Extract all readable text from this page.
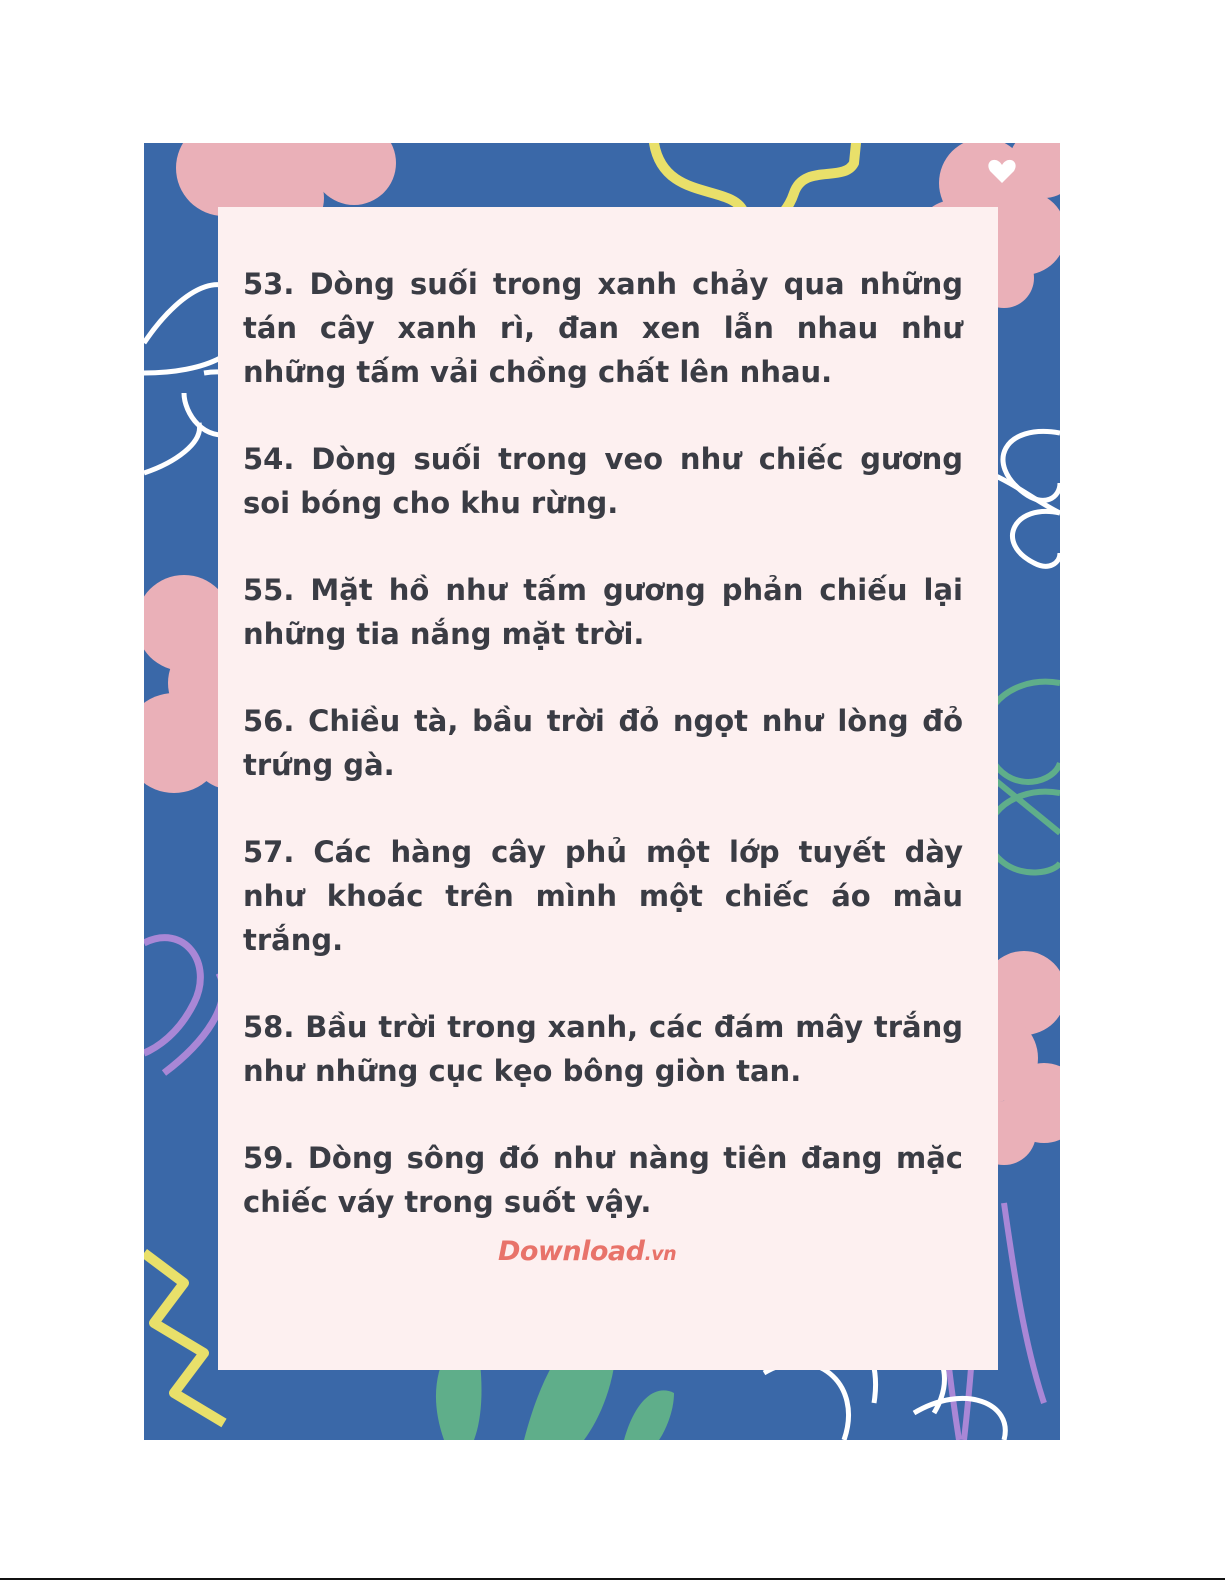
53. Dòng suối trong xanh chảy qua những tán cây xanh rì, đan xen lẫn nhau như những tấm vải chồng chất lên nhau.

54. Dòng suối trong veo như chiếc gương soi bóng cho khu rừng.

55. Mặt hồ như tấm gương phản chiếu lại những tia nắng mặt trời.

56. Chiều tà, bầu trời đỏ ngọt như lòng đỏ trứng gà.

57. Các hàng cây phủ một lớp tuyết dày như khoác trên mình một chiếc áo màu trắng.

58. Bầu trời trong xanh, các đám mây trắng như những cục kẹo bông giòn tan.

59. Dòng sông đó như nàng tiên đang mặc chiếc váy trong suốt vậy.

Download.vn
